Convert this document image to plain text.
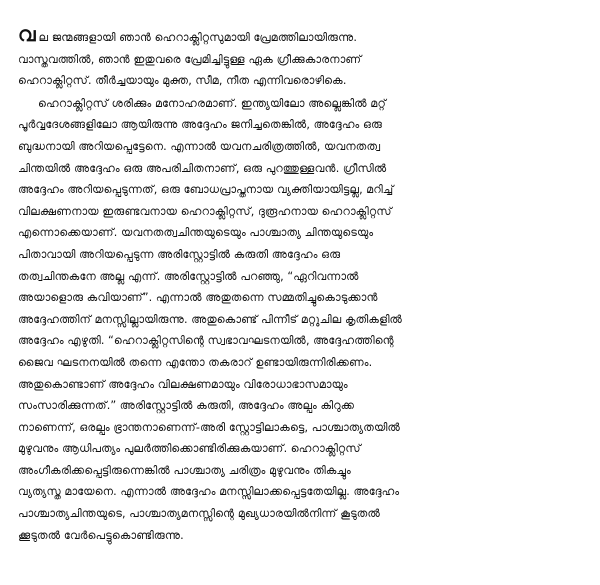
വല ജന്മങ്ങളായി ഞാൻ ഹെറാക്ലിറ്റസുമായി പ്രേമത്തിലായിരുന്നു.
വാസ്തവത്തിൽ, ഞാൻ ഇതുവരെ പ്രേമിച്ചിട്ടുള്ള ഏക ഗ്രീക്കുകാരനാണ്
ഹെറാക്ലിറ്റസ്. തീർച്ചയായും മുക്ത, സീമ, നീത എന്നിവരൊഴികെ.

ഹെറാക്ലിറ്റസ് ശരിക്കും മനോഹരമാണ്. ഇന്ത്യയിലോ അല്ലെങ്കിൽ മറ്റ്
പൂർവ്വദേശങ്ങളിലോ ആയിരുന്നു അദ്ദേഹം ജനിച്ചതെങ്കിൽ, അദ്ദേഹം ഒരു
ബുദ്ധനായി അറിയപ്പെട്ടേനെ. എന്നാൽ യവനചരിത്രത്തിൽ, യവനതത്വ
ചിന്തയിൽ അദ്ദേഹം ഒരു അപരിചിതനാണ്, ഒരു പുറത്തുള്ളവൻ. ഗ്രീസിൽ
അദ്ദേഹം അറിയപ്പെടുന്നത്, ഒരു ബോധപ്രാപ്തനായ വ്യക്തിയായിട്ടല്ല, മറിച്ച്
വിലക്ഷണനായ ഇരുണ്ടവനായ ഹെറാക്ലിറ്റസ്, ദുരൂഹനായ ഹെറാക്ലിറ്റസ്
എന്നൊക്കെയാണ്. യവനതത്വചിന്തയുടെയും പാശ്ചാത്യ ചിന്തയുടെയും
പിതാവായി അറിയപ്പെടുന്ന അരിസ്റ്റോട്ടിൽ കരുതി അദ്ദേഹം ഒരു
തത്വചിന്തകനേ അല്ല എന്ന്. അരിസ്റ്റോട്ടിൽ പറഞ്ഞു, “ഏറിവന്നാൽ
അയാളൊരു കവിയാണ്”. എന്നാൽ അതുതന്നെ സമ്മതിച്ചുകൊടുക്കാൻ
അദ്ദേഹത്തിന് മനസ്സില്ലായിരുന്നു. അതുകൊണ്ട് പിന്നീട് മറ്റുചില കൃതികളിൽ
അദ്ദേഹം എഴുതി. “ഹെറാക്ലിറ്റസിന്റെ സ്വഭാവഘടനയിൽ, അദ്ദേഹത്തിന്റെ
ജൈവ ഘടനനയിൽ തന്നെ എന്തോ തകരാറ് ഉണ്ടായിരുന്നിരിക്കണം.
അതുകൊണ്ടാണ് അദ്ദേഹം വിലക്ഷണമായും വിരോധാഭാസമായും
സംസാരിക്കുന്നത്.” അരിസ്റ്റോട്ടിൽ കരുതി, അദ്ദേഹം അല്പം കിറുക്ക
നാണെന്ന്, ഒരല്പം ഭ്രാന്തനാണെന്ന്-അരി സ്റ്റോട്ടിലാകട്ടെ, പാശ്ചാത്യതയിൽ
മുഴുവനും ആധിപത്യം പുലർത്തിക്കൊണ്ടിരിക്കുകയാണ്. ഹെറാക്ലിറ്റസ്
അംഗീകരിക്കപ്പെട്ടിരുന്നെങ്കിൽ പാശ്ചാത്യ ചരിത്രം മുഴുവനും തികച്ചും
വ്യത്യസ്ത മായേനെ. എന്നാൽ അദ്ദേഹം മനസ്സിലാക്കപ്പെട്ടതേയില്ല. അദ്ദേഹം
പാശ്ചാത്യചിന്തയുടെ, പാശ്ചാത്യമനസ്സിന്റെ മുഖ്യധാരയിൽനിന്ന് കൂടുതൽ
ക്കൂടുതൽ വേർപെട്ടുകൊണ്ടിരുന്നു.
